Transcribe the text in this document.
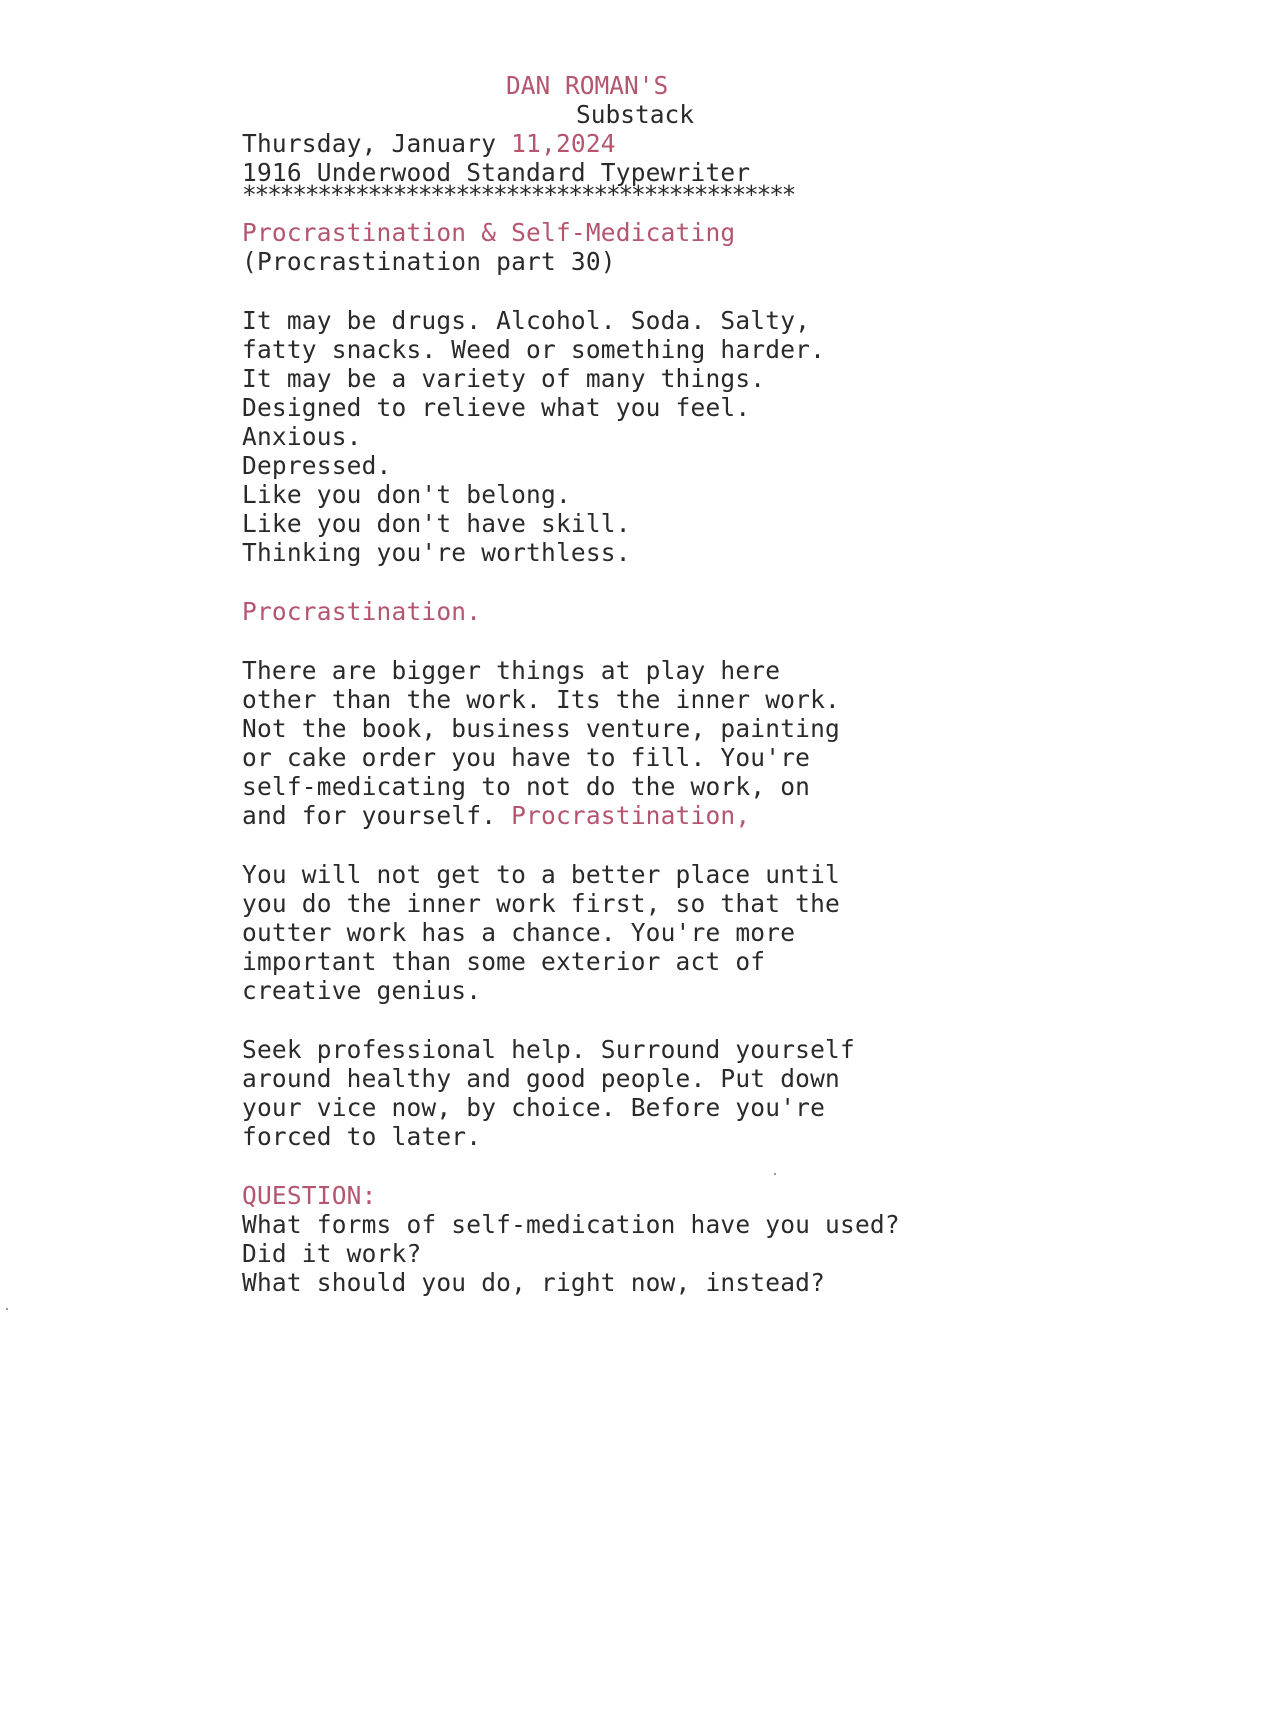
DAN ROMAN'S

Substack

Thursday, January 11,2024

1916 Underwood Standard Typewriter

********************************************

Procrastination & Self-Medicating

(Procrastination part 30)

It may be drugs. Alcohol. Soda. Salty,

fatty snacks. Weed or something harder.

It may be a variety of many things.

Designed to relieve what you feel.

Anxious.

Depressed.

Like you don't belong.

Like you don't have skill.

Thinking you're worthless.

Procrastination.

There are bigger things at play here

other than the work. Its the inner work.

Not the book, business venture, painting

or cake order you have to fill. You're

self-medicating to not do the work, on

and for yourself. Procrastination,

You will not get to a better place until

you do the inner work first, so that the

outter work has a chance. You're more

important than some exterior act of

creative genius.

Seek professional help. Surround yourself

around healthy and good people. Put down

your vice now, by choice. Before you're

forced to later.

QUESTION:

What forms of self-medication have you used?

Did it work?

What should you do, right now, instead?
